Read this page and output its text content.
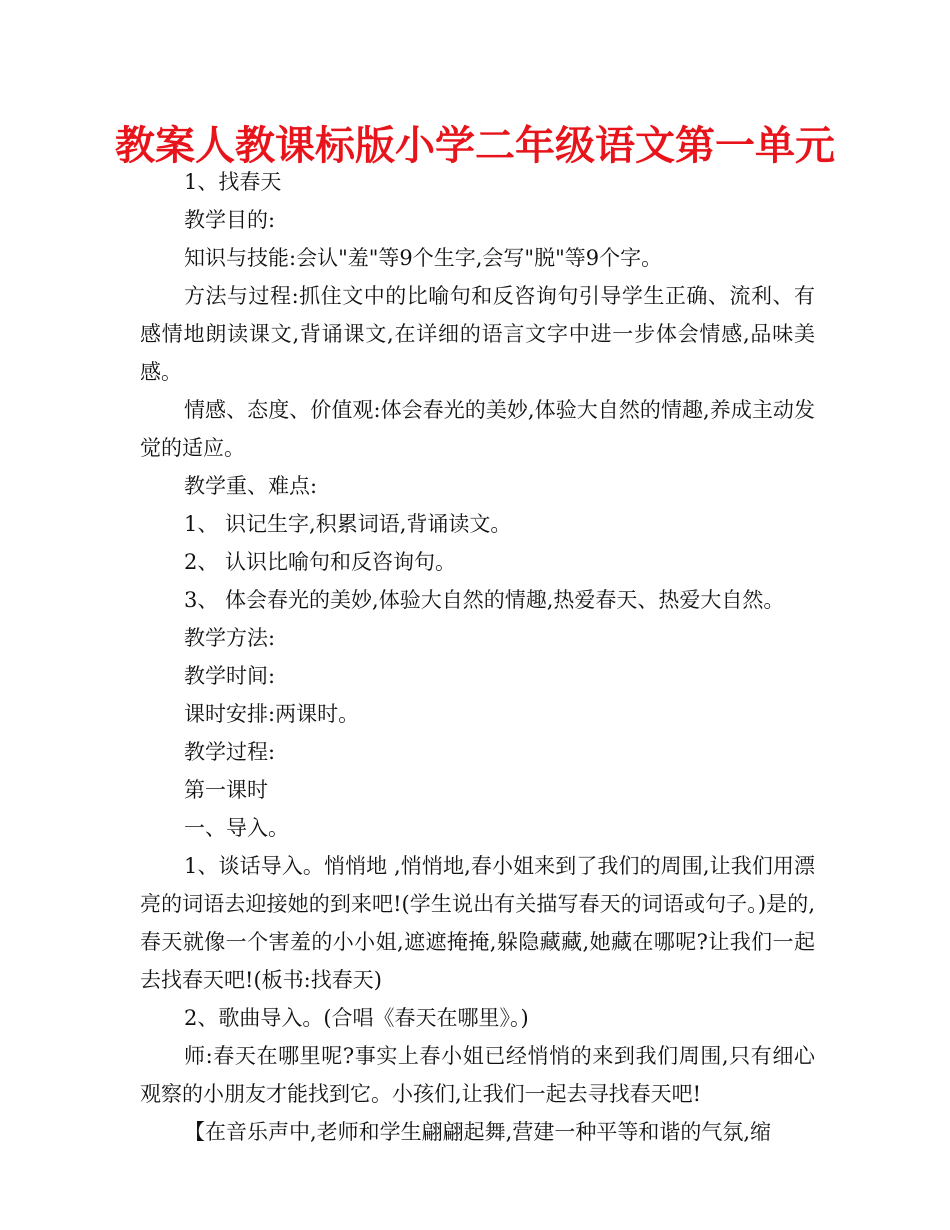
教案人教课标版小学二年级语文第一单元

1、找春天

教学目的:

知识与技能:会认"羞"等9个生字,会写"脱"等9个字。

方法与过程:抓住文中的比喻句和反咨询句引导学生正确、流利、有感情地朗读课文,背诵课文,在详细的语言文字中进一步体会情感,品味美感。

情感、态度、价值观:体会春光的美妙,体验大自然的情趣,养成主动发觉的适应。

教学重、难点:

1、 识记生字,积累词语,背诵读文。

2、 认识比喻句和反咨询句。

3、 体会春光的美妙,体验大自然的情趣,热爱春天、热爱大自然。

教学方法:

教学时间:

课时安排:两课时。

教学过程:

第一课时

一、导入。

1、谈话导入。悄悄地 ,悄悄地,春小姐来到了我们的周围,让我们用漂亮的词语去迎接她的到来吧!(学生说出有关描写春天的词语或句子。)是的,春天就像一个害羞的小小姐,遮遮掩掩,躲隐藏藏,她藏在哪呢?让我们一起去找春天吧!(板书:找春天)

2、歌曲导入。(合唱《春天在哪里》。)

师:春天在哪里呢?事实上春小姐已经悄悄的来到我们周围,只有细心观察的小朋友才能找到它。小孩们,让我们一起去寻找春天吧!

【在音乐声中,老师和学生翩翩起舞,营建一种平等和谐的气氛,缩
